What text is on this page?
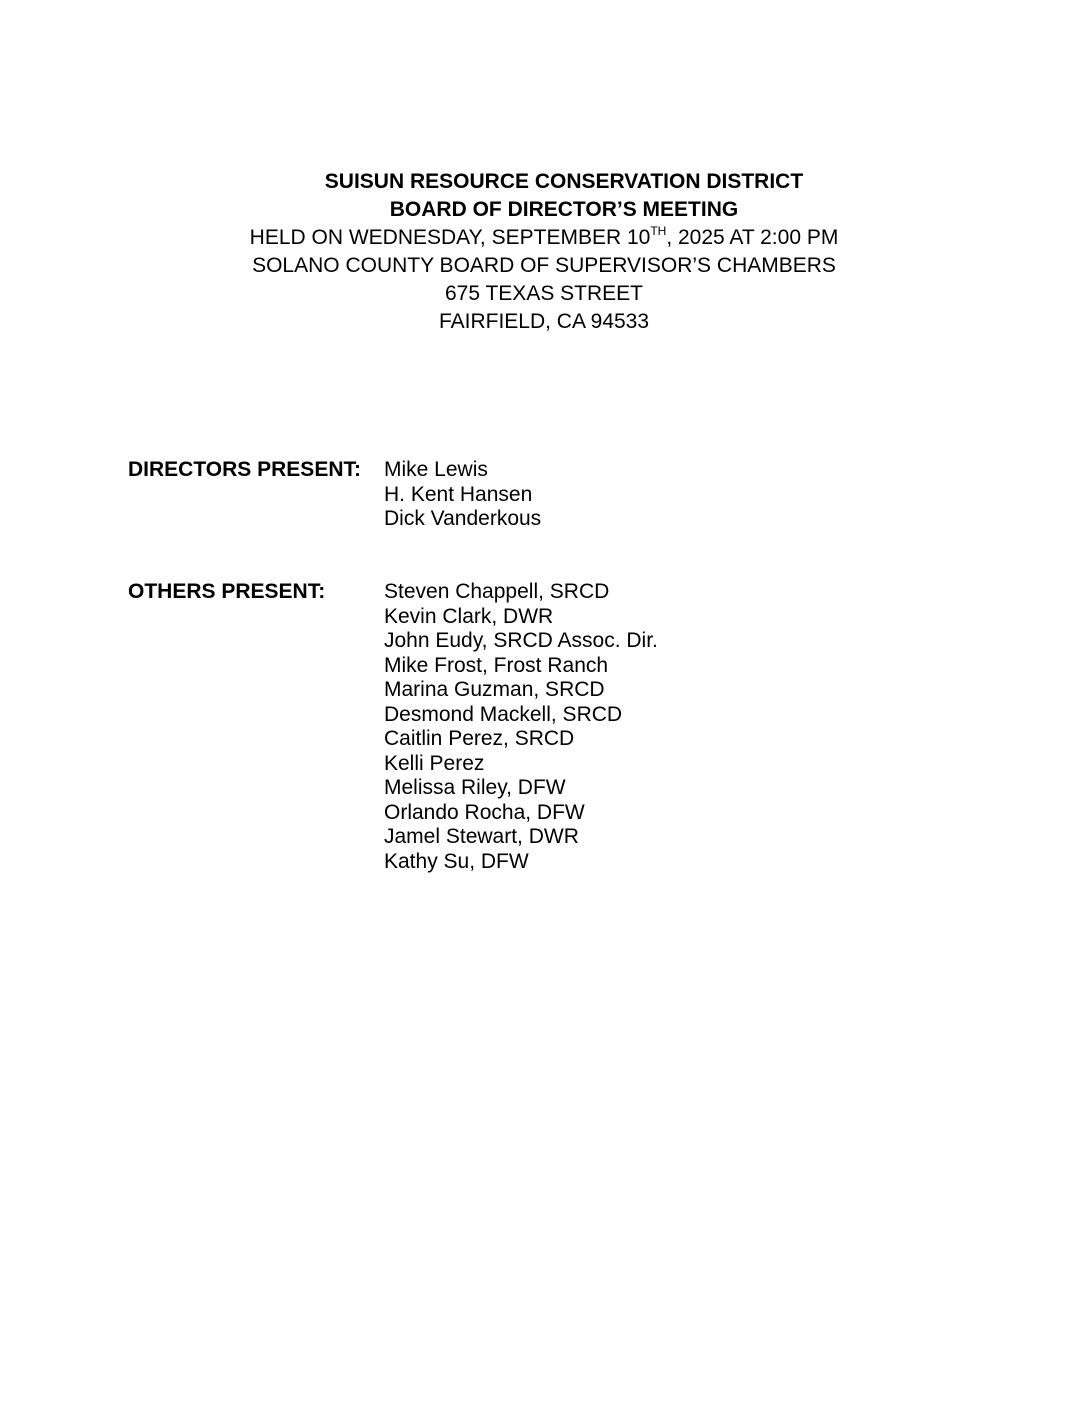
SUISUN RESOURCE CONSERVATION DISTRICT
BOARD OF DIRECTOR’S MEETING
HELD ON WEDNESDAY, SEPTEMBER 10TH, 2025 AT 2:00 PM
SOLANO COUNTY BOARD OF SUPERVISOR’S CHAMBERS
675 TEXAS STREET
FAIRFIELD, CA 94533
DIRECTORS PRESENT: Mike Lewis
H. Kent Hansen
Dick Vanderkous
OTHERS PRESENT:	Steven Chappell, SRCD
Kevin Clark, DWR
John Eudy, SRCD Assoc. Dir.
Mike Frost, Frost Ranch
Marina Guzman, SRCD
Desmond Mackell, SRCD
Caitlin Perez, SRCD
Kelli Perez
Melissa Riley, DFW
Orlando Rocha, DFW
Jamel Stewart, DWR
Kathy Su, DFW
